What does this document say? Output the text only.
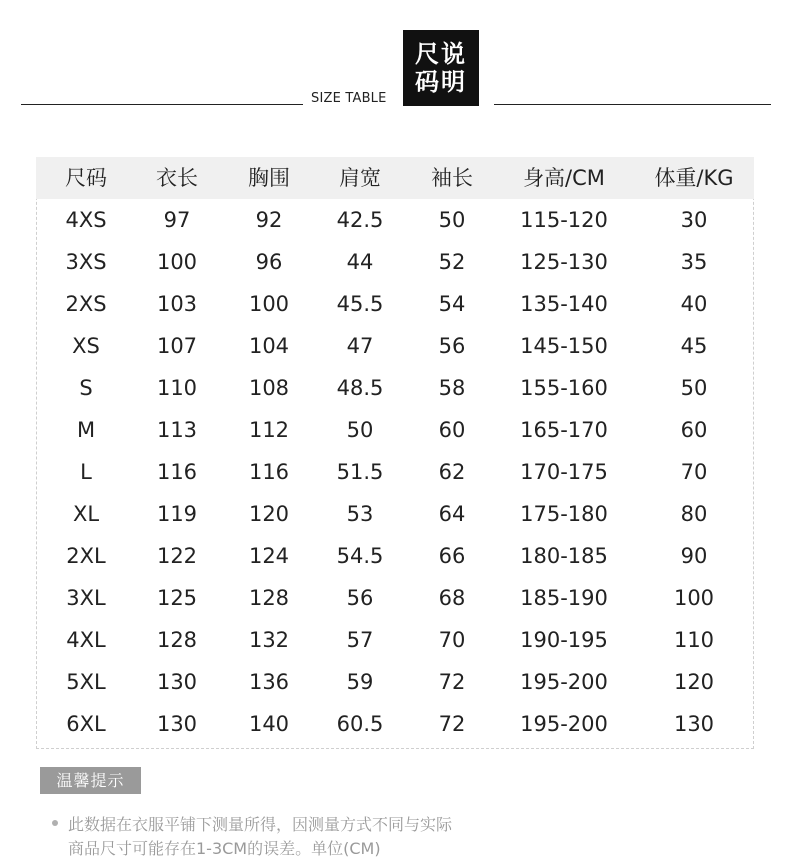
SIZE TABLE
尺说
码明
尺码	衣长	胸围	肩宽	袖长	身高/CM	体重/KG
4XS	97	92	42.5	50	115-120	30
3XS	100	96	44	52	125-130	35
2XS	103	100	45.5	54	135-140	40
XS	107	104	47	56	145-150	45
S	110	108	48.5	58	155-160	50
M	113	112	50	60	165-170	60
L	116	116	51.5	62	170-175	70
XL	119	120	53	64	175-180	80
2XL	122	124	54.5	66	180-185	90
3XL	125	128	56	68	185-190	100
4XL	128	132	57	70	190-195	110
5XL	130	136	59	72	195-200	120
6XL	130	140	60.5	72	195-200	130
温馨提示
此数据在衣服平铺下测量所得，因测量方式不同与实际
商品尺寸可能存在1-3CM的误差。单位(CM)
